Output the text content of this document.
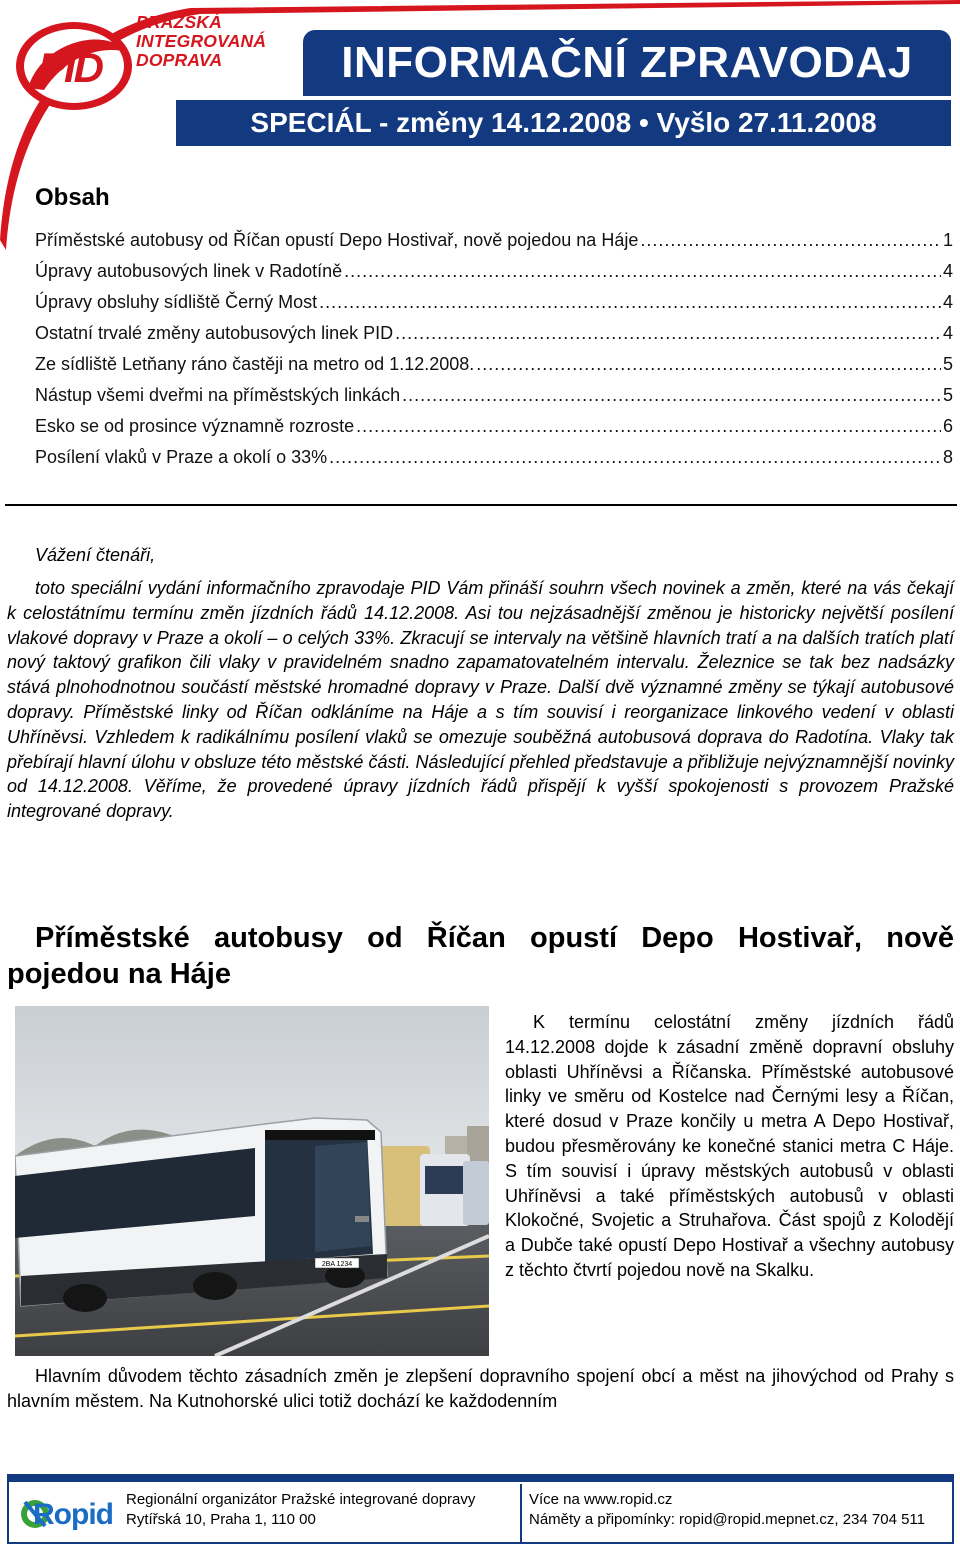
PID
PRAŽSKÁ
INTEGROVANÁ
DOPRAVA	INFORMAČNÍ ZPRAVODAJ
SPECIÁL - změny 14.12.2008 • Vyšlo 27.11.2008
Obsah
Příměstské autobusy od Říčan opustí Depo Hostivař, nově pojedou na Háje .....	1
Úpravy autobusových linek v Radotíně .....	4
Úpravy obsluhy sídliště Černý Most .....	4
Ostatní trvalé změny autobusových linek PID .....	4
Ze sídliště Letňany ráno častěji na metro od 1.12.2008. .....	5
Nástup všemi dveřmi na příměstských linkách .....	5
Esko se od prosince významně rozroste .....	6
Posílení vlaků v Praze a okolí o 33% .....	8
Vážení čtenáři,

toto speciální vydání informačního zpravodaje PID Vám přináší souhrn všech novinek a změn, které na vás čekají k celostátnímu termínu změn jízdních řádů 14.12.2008. Asi tou nejzásadnější změnou je historicky největší posílení vlakové dopravy v Praze a okolí – o celých 33%. Zkracují se intervaly na většině hlavních tratí a na dalších tratích platí nový taktový grafikon čili vlaky v pravidelném snadno zapamatovatelném intervalu. Železnice se tak bez nadsázky stává plnohodnotnou součástí městské hromadné dopravy v Praze. Další dvě významné změny se týkají autobusové dopravy. Příměstské linky od Říčan odkláníme na Háje a s tím souvisí i reorganizace linkového vedení v oblasti Uhříněvsi. Vzhledem k radikálnímu posílení vlaků se omezuje souběžná autobusová doprava do Radotína. Vlaky tak přebírají hlavní úlohu v obsluze této městské části. Následující přehled představuje a přibližuje nejvýznamnější novinky od 14.12.2008. Věříme, že provedené úpravy jízdních řádů přispějí k vyšší spokojenosti s provozem Pražské integrované dopravy.

Příměstské autobusy od Říčan opustí Depo Hostivař, nově pojedou na Háje
2BA 1234

K termínu celostátní změny jízdních řádů 14.12.2008 dojde k zásadní změně dopravní obsluhy oblasti Uhříněvsi a Říčanska. Příměstské autobusové linky ve směru od Kostelce nad Černými lesy a Říčan, které dosud v Praze končily u metra A Depo Hostivař, budou přesměrovány ke konečné stanici metra C Háje. S tím souvisí i úpravy městských autobusů v oblasti Uhříněvsi a také příměstských autobusů v oblasti Klokočné, Svojetic a Struhařova. Část spojů z Kolodějí a Dubče také opustí Depo Hostivař a všechny autobusy z těchto čtvrtí pojedou nově na Skalku.

Hlavním důvodem těchto zásadních změn je zlepšení dopravního spojení obcí a měst na jihovýchod od Prahy s hlavním městem. Na Kutnohorské ulici totiž dochází ke každodenním

Ropid Regionální organizátor Pražské integrované dopravy
Rytířská 10, Praha 1, 110 00
Více na www.ropid.cz
Náměty a připomínky: ropid@ropid.mepnet.cz, 234 704 511
